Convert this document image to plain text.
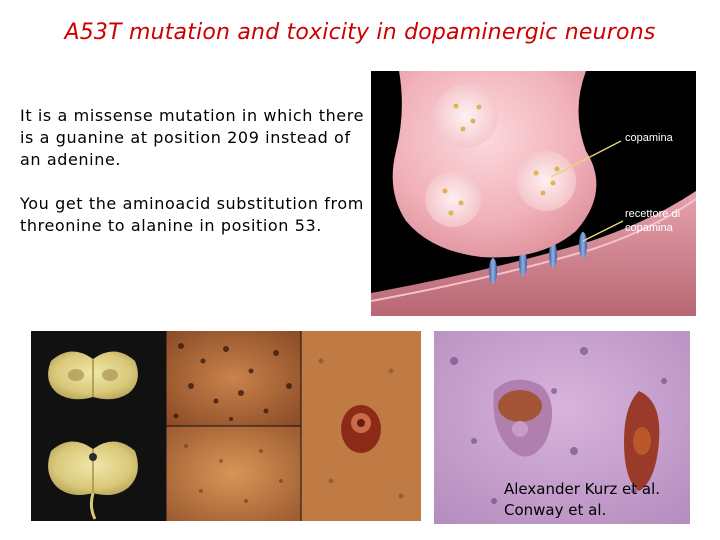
A53T mutation and toxicity in dopaminergic neurons
It is a missense mutation in which there is a guanine at position 209 instead of an adenine.
You get the aminoacid substitution from threonine to alanine in position 53.
copamina
recettore di
copamina
Alexander Kurz et al.
Conway et al.
